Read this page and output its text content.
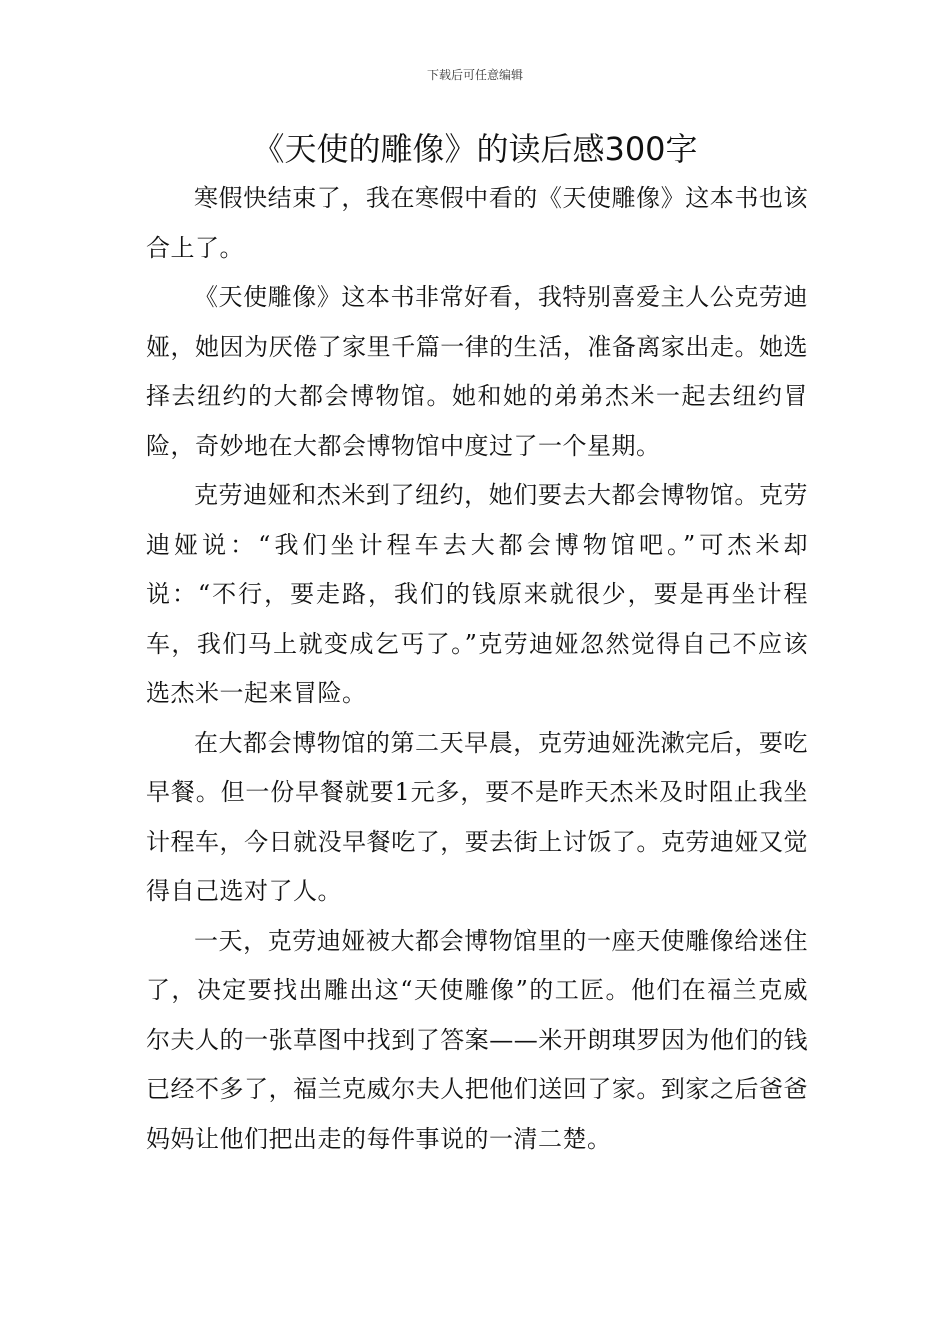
下载后可任意编辑
《天使的雕像》的读后感300字

寒假快结束了，我在寒假中看的《天使雕像》这本书也该合上了。

《天使雕像》这本书非常好看，我特别喜爱主人公克劳迪娅，她因为厌倦了家里千篇一律的生活，准备离家出走。她选择去纽约的大都会博物馆。她和她的弟弟杰米一起去纽约冒险，奇妙地在大都会博物馆中度过了一个星期。

克劳迪娅和杰米到了纽约，她们要去大都会博物馆。克劳迪娅说：“我们坐计程车去大都会博物馆吧。”可杰米却说：“不行，要走路，我们的钱原来就很少，要是再坐计程车，我们马上就变成乞丐了。”克劳迪娅忽然觉得自己不应该选杰米一起来冒险。

在大都会博物馆的第二天早晨，克劳迪娅洗漱完后，要吃早餐。但一份早餐就要1元多，要不是昨天杰米及时阻止我坐计程车，今日就没早餐吃了，要去街上讨饭了。克劳迪娅又觉得自己选对了人。

一天，克劳迪娅被大都会博物馆里的一座天使雕像给迷住了，决定要找出雕出这“天使雕像”的工匠。他们在福兰克威尔夫人的一张草图中找到了答案——米开朗琪罗因为他们的钱已经不多了，福兰克威尔夫人把他们送回了家。到家之后爸爸妈妈让他们把出走的每件事说的一清二楚。
